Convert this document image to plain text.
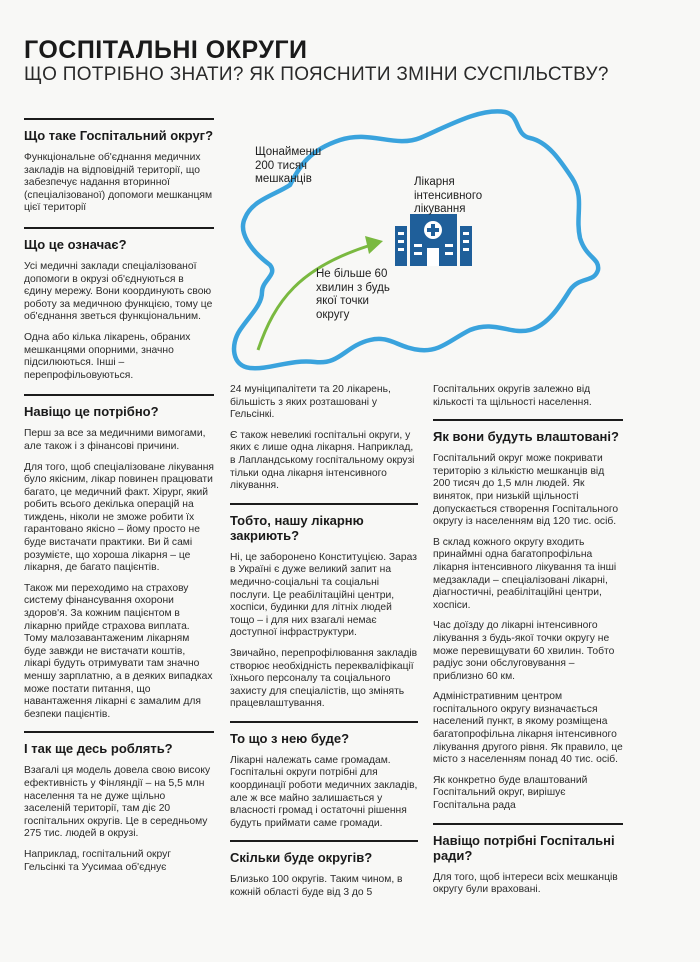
ГОСПІТАЛЬНІ ОКРУГИ
ЩО ПОТРІБНО ЗНАТИ? ЯК ПОЯСНИТИ ЗМІНИ СУСПІЛЬСТВУ?
Щонайменш 200 тисяч мешканців	Лікарня інтенсивного лікування
Не більше 60 хвилин з будь якої точки округу
Що таке Госпітальний округ?
Функціональне об'єднання медичних закладів на відповідній території, що забезпечує надання вторинної (спеціалізованої) допомоги мешканцям цієї території
Що це означає?
Усі медичні заклади спеціалізованої допомоги в окрузі об'єднуються в єдину мережу. Вони координують свою роботу за медичною функцією, тому це об'єднання зветься функціональним.
Одна або кілька лікарень, обраних мешканцями опорними, значно підсилюються. Інші – перепрофільовуються.
Навіщо це потрібно?
Перш за все за медичними вимогами, але також і з фінансові причини.
Для того, щоб спеціалізоване лікування було якісним, лікар повинен працювати багато, це медичний факт. Хірург, який робить всього декілька операцій на тиждень, ніколи не зможе робити їх гарантовано якісно – йому просто не буде вистачати практики. Ви й самі розумієте, що хороша лікарня – це лікарня, де багато пацієнтів.
Також ми переходимо на страхову систему фінансування охорони здоров'я. За кожним пацієнтом в лікарню прийде страхова виплата. Тому малозавантаженим лікарням буде завжди не вистачати коштів, лікарі будуть отримувати там значно меншу зарплатню, а в деяких випадках може постати питання, що навантаження лікарні є замалим для безпеки пацієнтів.
І так ще десь роблять?
Взагалі ця модель довела свою високу ефективність у Фінляндії – на 5,5 млн населення та не дуже щільно заселеній території, там діє 20 госпітальних округів. Це в середньому 275 тис. людей в окрузі.
Наприклад, госпітальний округ Гельсінкі та Уусимаа об'єднує
24 муніципалітети та 20 лікарень, більшість з яких розташовані у Гельсінкі.
Є також невеликі госпітальні округи, у яких є лише одна лікарня. Наприклад, в Лапландському госпітальному окрузі тільки одна лікарня інтенсивного лікування.
Тобто, нашу лікарню закриють?
Ні, це заборонено Конституцією. Зараз в Україні є дуже великий запит на медично-соціальні та соціальні послуги. Це реабілітаційні центри, хоспіси, будинки для літніх людей тощо – і для них взагалі немає доступної інфраструктури.
Звичайно, перепрофілювання закладів створює необхідність перекваліфікації їхнього персоналу та соціального захисту для спеціалістів, що змінять працевлаштування.
То що з нею буде?
Лікарні належать саме громадам. Госпітальні округи потрібні для координації роботи медичних закладів, але ж все майно залишається у власності громад і остаточні рішення будуть приймати саме громади.
Скільки буде округів?
Близько 100 округів. Таким чином, в кожній області буде від 3 до 5
Госпітальних округів залежно від кількості та щільності населення.
Як вони будуть влаштовані?
Госпітальний округ може покривати територію з кількістю мешканців від 200 тисяч до 1,5 млн людей. Як виняток, при низькій щільності допускається створення Госпітального округу із населенням від 120 тис. осіб.
В склад кожного округу входить принаймні одна багатопрофільна лікарня інтенсивного лікування та інші медзаклади – спеціалізовані лікарні, діагностичні, реабілітаційні центри, хоспіси.
Час доїзду до лікарні інтенсивного лікування з будь-якої точки округу не може перевищувати 60 хвилин. Тобто радіус зони обслуговування – приблизно 60 км.
Адміністративним центром госпітального округу визначається населений пункт, в якому розміщена багатопрофільна лікарня інтенсивного лікування другого рівня. Як правило, це місто з населенням понад 40 тис. осіб.
Як конкретно буде влаштований Госпітальний округ, вирішує Госпітальна рада
Навіщо потрібні Госпітальні ради?
Для того, щоб інтереси всіх мешканців округу були враховані.
